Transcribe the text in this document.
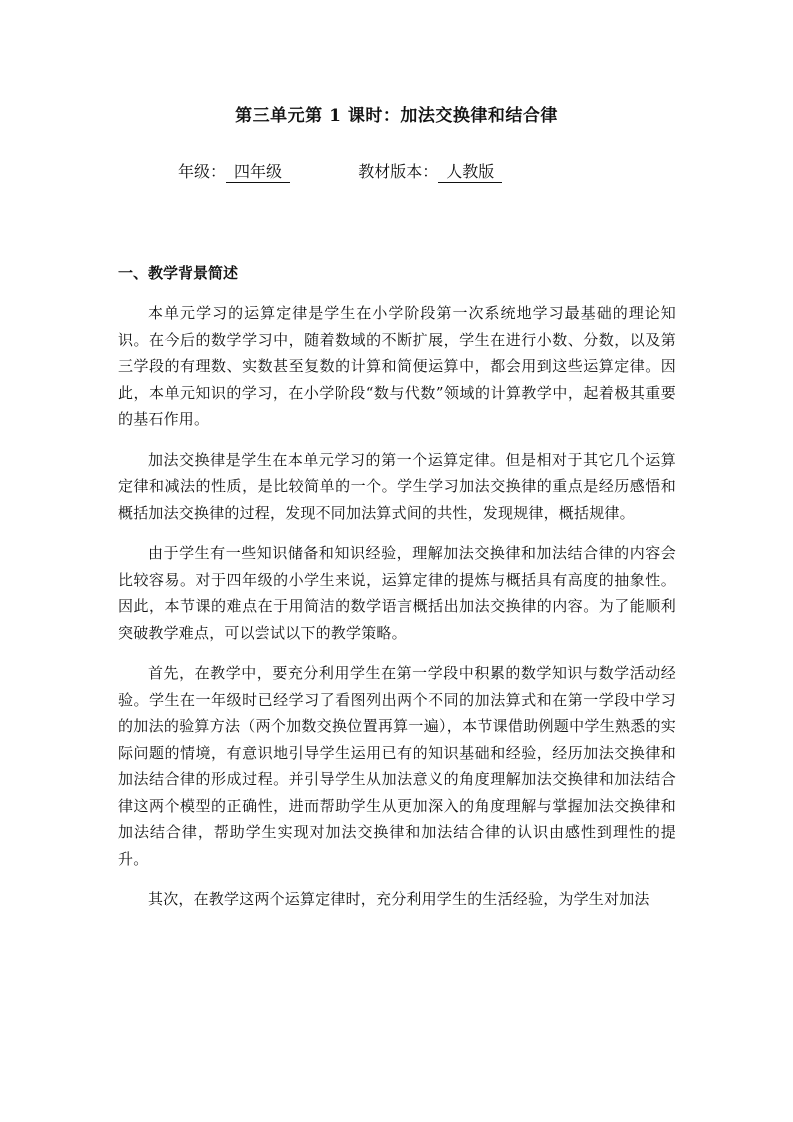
第三单元第 1 课时：加法交换律和结合律
年级： 四年级	教材版本： 人教版
一、教学背景简述

本单元学习的运算定律是学生在小学阶段第一次系统地学习最基础的理论知识。在今后的数学学习中，随着数域的不断扩展，学生在进行小数、分数，以及第三学段的有理数、实数甚至复数的计算和简便运算中，都会用到这些运算定律。因此，本单元知识的学习，在小学阶段“数与代数”领域的计算教学中，起着极其重要的基石作用。

加法交换律是学生在本单元学习的第一个运算定律。但是相对于其它几个运算定律和减法的性质，是比较简单的一个。学生学习加法交换律的重点是经历感悟和概括加法交换律的过程，发现不同加法算式间的共性，发现规律，概括规律。

由于学生有一些知识储备和知识经验，理解加法交换律和加法结合律的内容会比较容易。对于四年级的小学生来说，运算定律的提炼与概括具有高度的抽象性。因此，本节课的难点在于用简洁的数学语言概括出加法交换律的内容。为了能顺利突破教学难点，可以尝试以下的教学策略。

首先，在教学中，要充分利用学生在第一学段中积累的数学知识与数学活动经验。学生在一年级时已经学习了看图列出两个不同的加法算式和在第一学段中学习的加法的验算方法（两个加数交换位置再算一遍），本节课借助例题中学生熟悉的实际问题的情境，有意识地引导学生运用已有的知识基础和经验，经历加法交换律和加法结合律的形成过程。并引导学生从加法意义的角度理解加法交换律和加法结合律这两个模型的正确性，进而帮助学生从更加深入的角度理解与掌握加法交换律和加法结合律，帮助学生实现对加法交换律和加法结合律的认识由感性到理性的提升。

其次，在教学这两个运算定律时，充分利用学生的生活经验，为学生对加法
